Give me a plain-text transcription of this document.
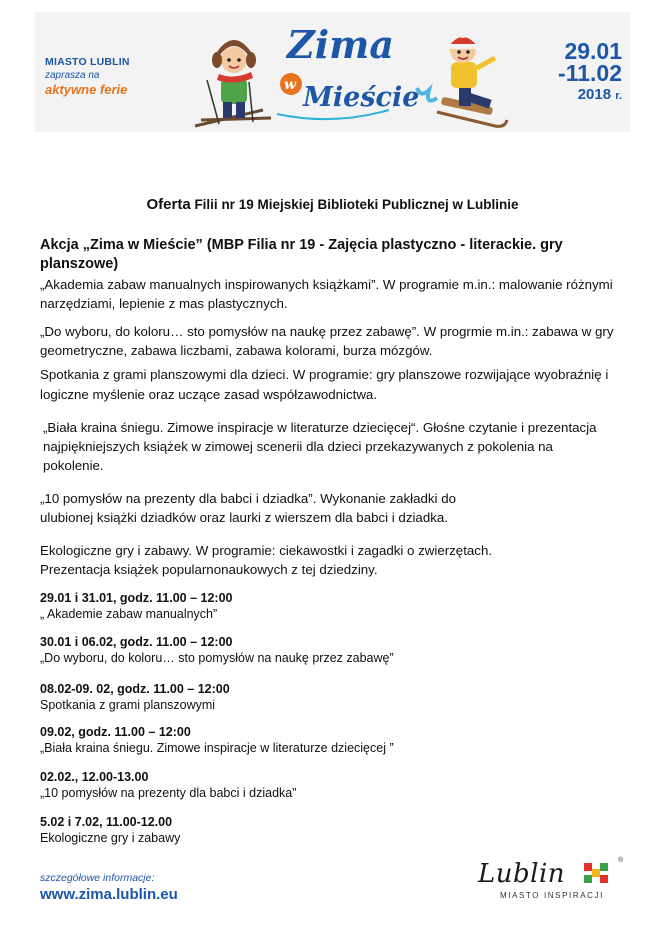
MIASTO LUBLIN
zaprasza na
aktywne ferie
Zima
w Mieście
29.01
-11.02
2018 r.
Oferta Filii nr 19 Miejskiej Biblioteki Publicznej w Lublinie
Akcja „Zima w Mieście” (MBP Filia nr 19 - Zajęcia plastyczno - literackie. gry planszowe)

„Akademia zabaw manualnych inspirowanych książkami”. W programie m.in.: malowanie różnymi narzędziami, lepienie z mas plastycznych.

„Do wyboru, do koloru… sto pomysłów na naukę przez zabawę”. W progrmie m.in.: zabawa w gry geometryczne, zabawa liczbami, zabawa kolorami, burza mózgów.

Spotkania z grami planszowymi dla dzieci. W programie: gry planszowe rozwijające wyobraźnię i logiczne myślenie oraz uczące zasad współzawodnictwa.

„Biała kraina śniegu. Zimowe inspiracje w literaturze dziecięcej“. Głośne czytanie i prezentacja najpiękniejszych książek w zimowej scenerii dla dzieci przekazywanych z pokolenia na pokolenie.

„10 pomysłów na prezenty dla babci i dziadka”. Wykonanie zakładki do ulubionej książki dziadków oraz laurki z wierszem dla babci i dziadka.

Ekologiczne gry i zabawy. W programie: ciekawostki i zagadki o zwierzętach. Prezentacja książek popularnonaukowych z tej dziedziny.

29.01 i 31.01, godz. 11.00 – 12:00
„ Akademie zabaw manualnych”
30.01 i 06.02, godz. 11.00 – 12:00
„Do wyboru, do koloru… sto pomysłów na naukę przez zabawę”
08.02-09. 02, godz. 11.00 – 12:00
Spotkania z grami planszowymi
09.02, godz. 11.00 – 12:00
„Biała kraina śniegu. Zimowe inspiracje w literaturze dziecięcej ”
02.02., 12.00-13.00
„10 pomysłów na prezenty dla babci i dziadka”
5.02 i 7.02, 11.00-12.00
Ekologiczne gry i zabawy
szczegółowe informacje:
www.zima.lublin.eu
Lublin	®
MIASTO INSPIRACJI
